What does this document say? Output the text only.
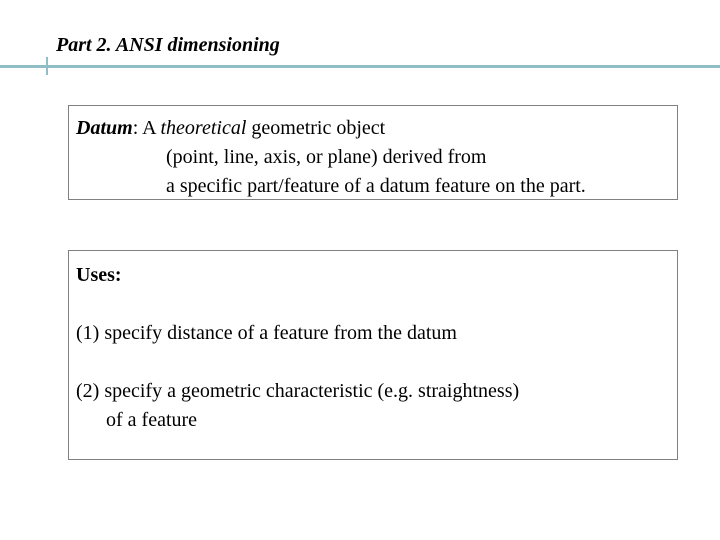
Part 2. ANSI dimensioning
Datum: A theoretical geometric object
(point, line, axis, or plane) derived from
a specific part/feature of a datum feature on the part.
Uses:
(1) specify distance of a feature from the datum
(2) specify a geometric characteristic (e.g. straightness)
of a feature
